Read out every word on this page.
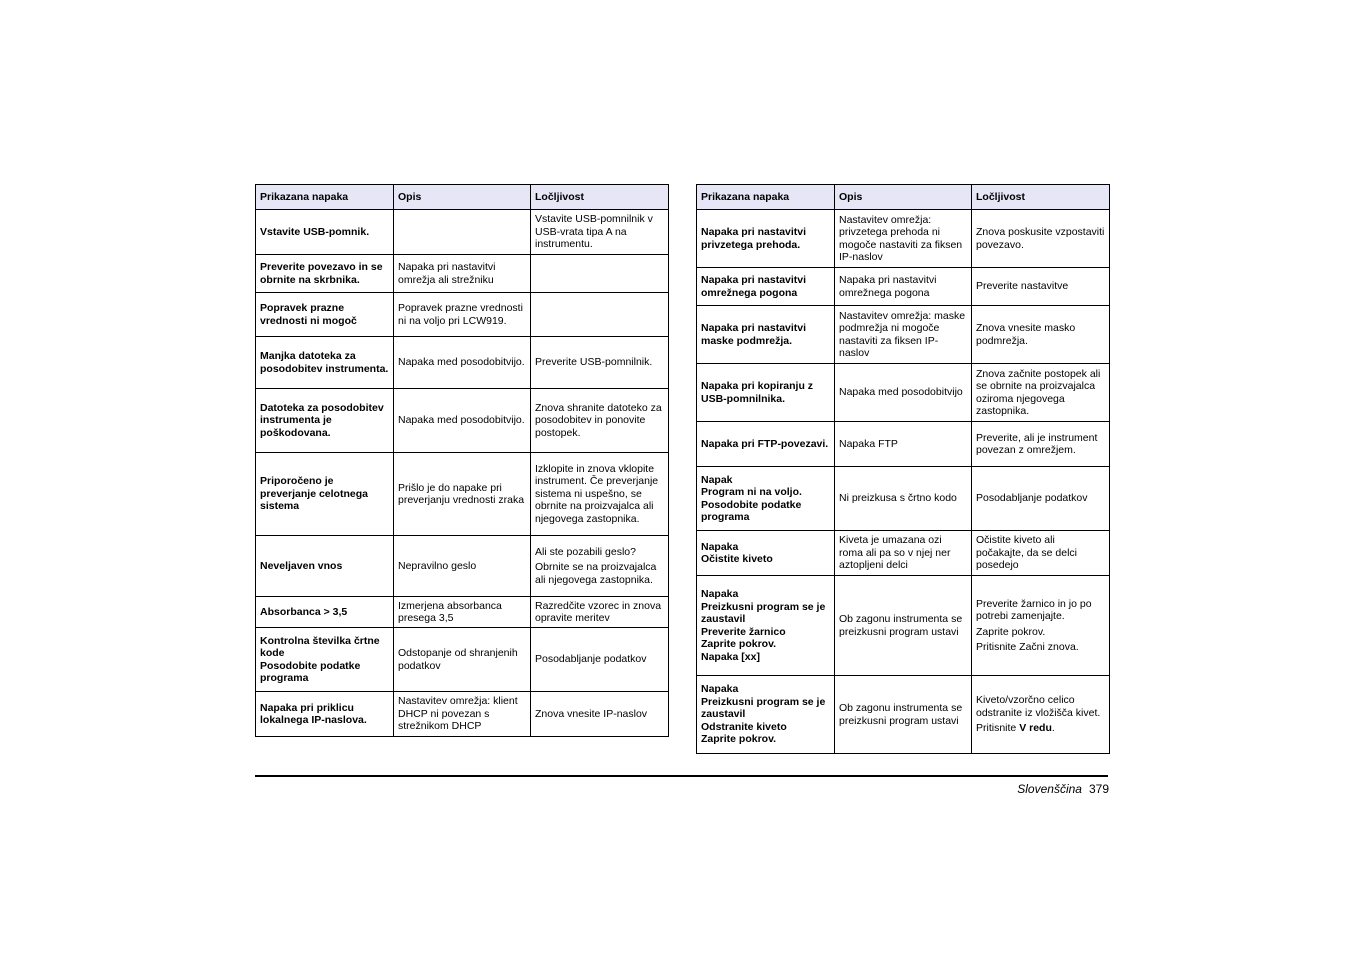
Prikazana napaka	Opis	Ločljivost

Vstavite USB-pomnik.		Vstavite USB-pomnilnik v USB-vrata tipa A na instrumentu.

Preverite povezavo in se obrnite na skrbnika.	Napaka pri nastavitvi omrežja ali strežniku	

Popravek prazne vrednosti ni mogoč	Popravek prazne vrednosti ni na voljo pri LCW919.	

Manjka datoteka za posodobitev instrumenta.	Napaka med posodobitvijo.	Preverite USB-pomnilnik.

Datoteka za posodobitev instrumenta je poškodovana.	Napaka med posodobitvijo.	Znova shranite datoteko za posodobitev in ponovite postopek.

Priporočeno je preverjanje celotnega sistema	Prišlo je do napake pri preverjanju vrednosti zraka	Izklopite in znova vklopite instrument. Če preverjanje sistema ni uspešno, se obrnite na proizvajalca ali njegovega zastopnika.

Neveljaven vnos	Nepravilno geslo	Ali ste pozabili geslo?
Obrnite se na proizvajalca ali njegovega zastopnika.

Absorbanca > 3,5	Izmerjena absorbanca presega 3,5	Razredčite vzorec in znova opravite meritev

Kontrolna številka črtne kode
Posodobite podatke programa	Odstopanje od shranjenih podatkov	Posodabljanje podatkov

Napaka pri priklicu lokalnega IP-naslova.	Nastavitev omrežja: klient DHCP ni povezan s strežnikom DHCP	Znova vnesite IP-naslov
Prikazana napaka	Opis	Ločljivost

Napaka pri nastavitvi privzetega prehoda.	Nastavitev omrežja: privzetega prehoda ni mogoče nastaviti za fiksen IP-naslov	Znova poskusite vzpostaviti povezavo.

Napaka pri nastavitvi omrežnega pogona	Napaka pri nastavitvi omrežnega pogona	Preverite nastavitve

Napaka pri nastavitvi maske podmrežja.	Nastavitev omrežja: maske podmrežja ni mogoče nastaviti za fiksen IP-naslov	Znova vnesite masko podmrežja.

Napaka pri kopiranju z USB-pomnilnika.	Napaka med posodobitvijo	Znova začnite postopek ali se obrnite na proizvajalca oziroma njegovega zastopnika.

Napaka pri FTP-povezavi.	Napaka FTP	Preverite, ali je instrument povezan z omrežjem.

Napak
Program ni na voljo.
Posodobite podatke programa	Ni preizkusa s črtno kodo	Posodabljanje podatkov

Napaka
Očistite kiveto	Kiveta je umazana ozi roma ali pa so v njej ner aztopljeni delci	Očistite kiveto ali počakajte, da se delci posedejo

Napaka
Preizkusni program se je zaustavil
Preverite žarnico
Zaprite pokrov.
Napaka [xx]	Ob zagonu instrumenta se preizkusni program ustavi	Preverite žarnico in jo po potrebi zamenjajte.
Zaprite pokrov.
Pritisnite Začni znova.

Napaka
Preizkusni program se je zaustavil
Odstranite kiveto
Zaprite pokrov.	Ob zagonu instrumenta se preizkusni program ustavi	Kiveto/vzorčno celico odstranite iz vložišča kivet.
Pritisnite V redu.
Slovenščina 379
